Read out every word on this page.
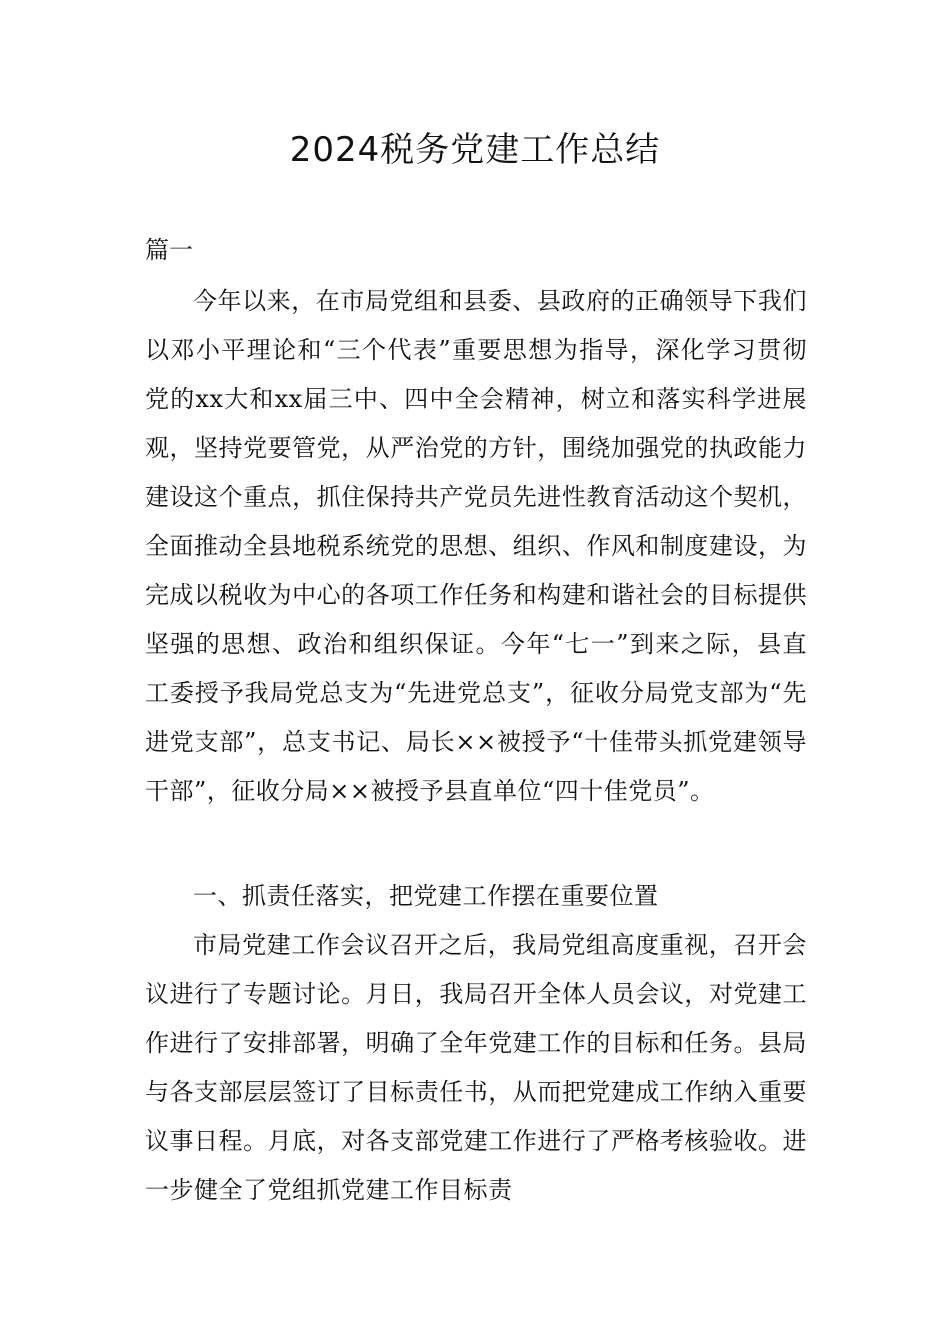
2024税务党建工作总结

篇一

今年以来，在市局党组和县委、县政府的正确领导下我们以邓小平理论和“三个代表”重要思想为指导，深化学习贯彻党的xx大和xx届三中、四中全会精神，树立和落实科学进展观，坚持党要管党，从严治党的方针，围绕加强党的执政能力建设这个重点，抓住保持共产党员先进性教育活动这个契机，全面推动全县地税系统党的思想、组织、作风和制度建设，为完成以税收为中心的各项工作任务和构建和谐社会的目标提供坚强的思想、政治和组织保证。今年“七一”到来之际，县直工委授予我局党总支为“先进党总支”，征收分局党支部为“先进党支部”，总支书记、局长××被授予“十佳带头抓党建领导干部”，征收分局××被授予县直单位“四十佳党员”。

一、抓责任落实，把党建工作摆在重要位置

市局党建工作会议召开之后，我局党组高度重视，召开会议进行了专题讨论。月日，我局召开全体人员会议，对党建工作进行了安排部署，明确了全年党建工作的目标和任务。县局与各支部层层签订了目标责任书，从而把党建成工作纳入重要议事日程。月底，对各支部党建工作进行了严格考核验收。进一步健全了党组抓党建工作目标责
